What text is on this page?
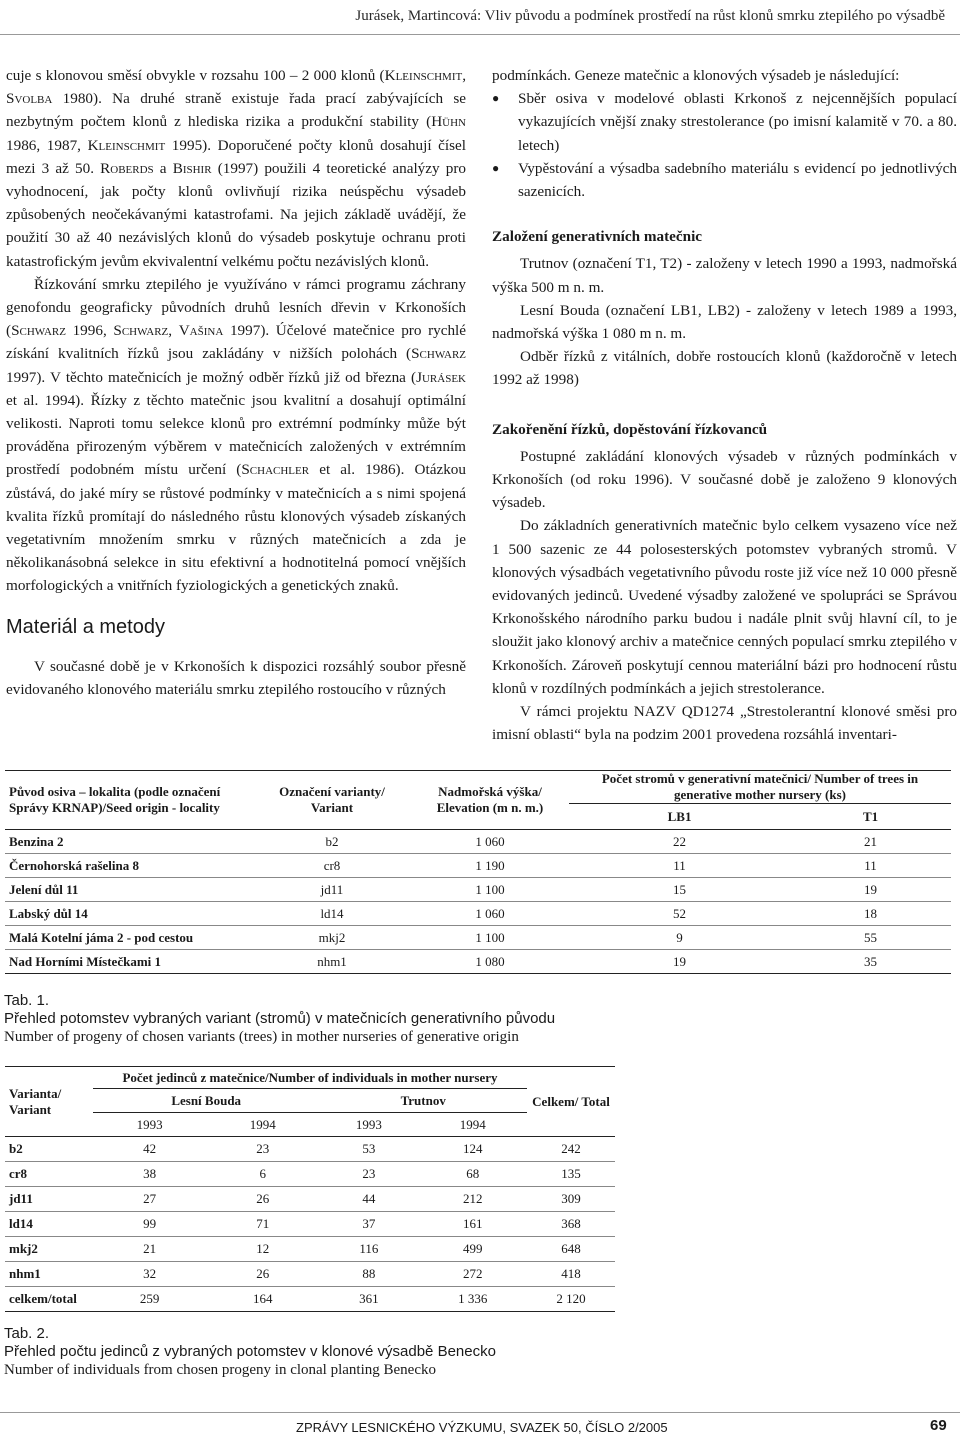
Jurásek, Martincová: Vliv původu a podmínek prostředí na růst klonů smrku ztepilého po výsadbě

cuje s klonovou směsí obvykle v rozsahu 100 – 2 000 klonů (Kleinschmit, Svolba 1980). Na druhé straně existuje řada prací zabývajících se nezbytným počtem klonů z hlediska rizika a produkční stability (Hühn 1986, 1987, Kleinschmit 1995). Doporučené počty klonů dosahují čísel mezi 3 až 50. Roberds a Bishir (1997) použili 4 teoretické analýzy pro vyhodnocení, jak počty klonů ovlivňují rizika neúspěchu výsadeb způsobených neočekávanými katastrofami. Na jejich základě uvádějí, že použití 30 až 40 nezávislých klonů do výsadeb poskytuje ochranu proti katastrofickým jevům ekvivalentní velkému počtu nezávislých klonů.

Řízkování smrku ztepilého je využíváno v rámci programu záchrany genofondu geograficky původních druhů lesních dřevin v Krkonoších (Schwarz 1996, Schwarz, Vašina 1997). Účelové matečnice pro rychlé získání kvalitních řízků jsou zakládány v nižších polohách (Schwarz 1997). V těchto matečnicích je možný odběr řízků již od března (Jurásek et al. 1994). Řízky z těchto matečnic jsou kvalitní a dosahují optimální velikosti. Naproti tomu selekce klonů pro extrémní podmínky může být prováděna přirozeným výběrem v matečnicích založených v extrémním prostředí podobném místu určení (Schachler et al. 1986). Otázkou zůstává, do jaké míry se růstové podmínky v matečnicích a s nimi spojená kvalita řízků promítají do následného růstu klonových výsadeb získaných vegetativním množením smrku v různých matečnicích a zda je několikanásobná selekce in situ efektivní a hodnotitelná pomocí vnějších morfologických a vnitřních fyziologických a genetických znaků.

Materiál a metody

V současné době je v Krkonoších k dispozici rozsáhlý soubor přesně evidovaného klonového materiálu smrku ztepilého rostoucího v různých

podmínkách. Geneze matečnic a klonových výsadeb je následující:

● Sběr osiva v modelové oblasti Krkonoš z nejcennějších populací vykazujících vnější znaky strestolerance (po imisní kalamitě v 70. a 80. letech)

● Vypěstování a výsadba sadebního materiálu s evidencí po jednotlivých sazenicích.

Založení generativních matečnic

Trutnov (označení T1, T2) - založeny v letech 1990 a 1993, nadmořská výška 500 m n. m.

Lesní Bouda (označení LB1, LB2) - založeny v letech 1989 a 1993, nadmořská výška 1 080 m n. m.

Odběr řízků z vitálních, dobře rostoucích klonů (každoročně v letech 1992 až 1998)

Zakořenění řízků, dopěstování řízkovanců

Postupné zakládání klonových výsadeb v různých podmínkách v Krkonoších (od roku 1996). V současné době je založeno 9 klonových výsadeb.

Do základních generativních matečnic bylo celkem vysazeno více než 1 500 sazenic ze 44 polosesterských potomstev vybraných stromů. V klonových výsadbách vegetativního původu roste již více než 10 000 přesně evidovaných jedinců. Uvedené výsadby založené ve spolupráci se Správou Krkonošského národního parku budou i nadále plnit svůj hlavní cíl, to je sloužit jako klonový archiv a matečnice cenných populací smrku ztepilého v Krkonoších. Zároveň poskytují cennou materiální bázi pro hodnocení růstu klonů v rozdílných podmínkách a jejich strestolerance.

V rámci projektu NAZV QD1274 „Strestolerantní klonové směsi pro imisní oblasti“ byla na podzim 2001 provedena rozsáhlá inventari-

Původ osiva – lokalita (podle označení Správy KRNAP)/Seed origin - locality	Označení varianty/ Variant	Nadmořská výška/ Elevation (m n. m.)	Počet stromů v generativní matečnici/ Number of trees in generative mother nursery (ks)	
			LB1	T1
Benzina 2	b2	1 060	22	21
Černohorská rašelina 8	cr8	1 190	11	11
Jelení důl 11	jd11	1 100	15	19
Labský důl 14	ld14	1 060	52	18
Malá Kotelní jáma 2 - pod cestou	mkj2	1 100	9	55
Nad Horními Místečkami 1	nhm1	1 080	19	35
Tab. 1.
Přehled potomstev vybraných variant (stromů) v matečnicích generativního původu
Number of progeny of chosen variants (trees) in mother nurseries of generative origin
Varianta/ Variant	Počet jedinců z matečnice/Number of individuals in mother nursery				Celkem/ Total
	Lesní Bouda		Trutnov		
	1993	1994	1993	1994	
b2	42	23	53	124	242
cr8	38	6	23	68	135
jd11	27	26	44	212	309
ld14	99	71	37	161	368
mkj2	21	12	116	499	648
nhm1	32	26	88	272	418
celkem/total	259	164	361	1 336	2 120
Tab. 2.
Přehled počtu jedinců z vybraných potomstev v klonové výsadbě Benecko
Number of individuals from chosen progeny in clonal planting Benecko
ZPRÁVY LESNICKÉHO VÝZKUMU, SVAZEK 50, ČÍSLO 2/2005	69
